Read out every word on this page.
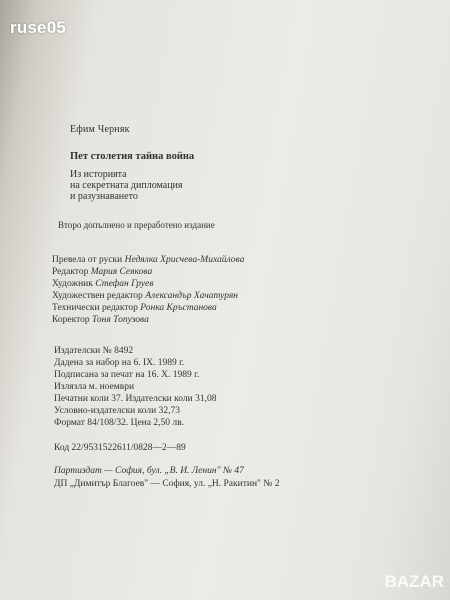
ruse05
Ефим Черняк
Пет столетия тайна война
Из историята
на секретната дипломация
и разузнаването
Второ допълнено и преработено издание
Превела от руски Недялка Хрисчева-Михайлова
Редактор Мария Сеякова
Художник Стефан Груев
Художествен редактор Александър Хачатурян
Технически редактор Ронка Кръстанова
Коректор Тоня Топузова
Издателски № 8492
Дадена за набор на 6. IX. 1989 г.
Подписана за печат на 16. X. 1989 г.
Излязла м. ноември
Печатни коли 37. Издателски коли 31,08
Условно-издателски коли 32,73
Формат 84/108/32. Цена 2,50 лв.
Код 22/9531522611/0828—2—89
Партиздат — София, бул. „В. И. Ленин" № 47
ДП „Димитър Благоев" — София, ул. „Н. Ракитин" № 2
BAZAR
